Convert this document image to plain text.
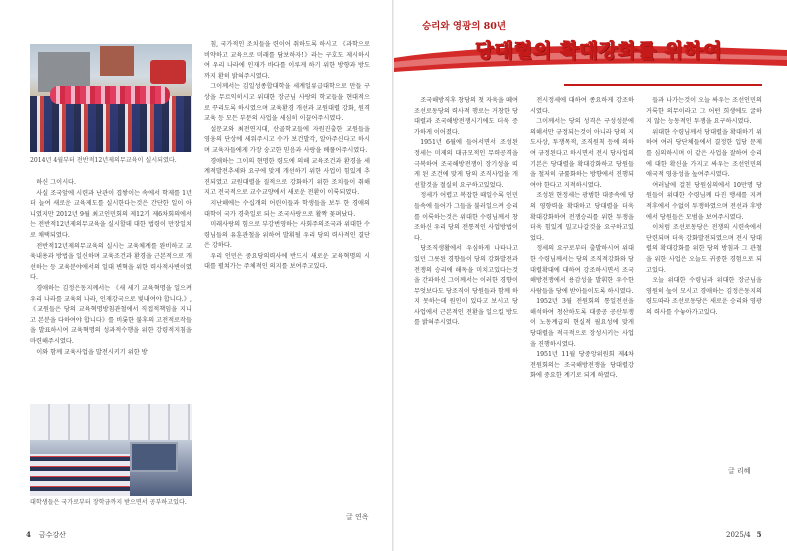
2014년 4월부터 전반적12년제의무교육이 실시되였다.

하신 그이시다.

사실 조국앞에 시련과 난관이 겹쌓이는 속에서 학제를 1년 더 늘여 새로운 교육제도를 실시한다는것은 간단한 일이 아니였지만 2012년 9월 최고인민회의 제12기 제6차회의에서는 전반적12년제의무교육을 실시할데 대한 법령이 만장일치로 채택되였다.

전반적12년제의무교육의 실시는 교육체계를 완비하고 교육내용과 방법을 일신하며 교육조건과 환경을 근본적으로 개선하는 등 교육분야에서의 일대 변혁을 위한 력사적사변이였다.

경애하는 김정은동지께서는 《새 세기 교육혁명을 일으켜 우리 나라를 교육의 나라, 인재강국으로 빛내여야 합니다.》, 《교원들은 당의 교육혁명방침관철에서 직접적책임을 지니고 본분을 다하여야 합니다》를 비롯한 불후의 고전적로작들을 발표하시여 교육혁명의 성과적수행을 위한 강령적지침을 마련해주시였다.

이와 함께 교육사업을 발전시키기 위한 방

대학생들은 국가로부터 장학금까지 받으면서 공부하고있다.

침, 국가적인 조치들을 련이어 취하도록 하시고 《과학으로 비약하고 교육으로 미래를 담보하자!》라는 구호도 제시하시여 우리 나라에 인재가 바다를 이루게 하기 위한 방향과 방도까지 환히 밝혀주시였다.

그이께서는 김일성종합대학을 세계일류급대학으로 만들 구상을 무르익히시고 위대한 장군님 사랑의 학교들을 현대적으로 꾸리도록 하시였으며 교육환경 개선과 교원대렬 강화, 원격교육 등 모든 부문의 사업을 세심히 이끌어주시였다.

설문교와 최전연지대, 산골학교들에 자원진출한 교원들을 영웅의 단상에 세워주시고 수가 보건발각, 알아주신다고 하시며 교육자들에게 가장 숭고한 믿음과 사랑을 베풀어주시였다.

경애하는 그이의 현명한 령도에 의해 교육조건과 환경을 세계적발전추세와 요구에 맞게 개선하기 위한 사업이 힘있게 추진되였고 교원대렬을 질적으로 강화하기 위한 조치들이 취해지고 전국적으로 교수교양에서 새로운 전환이 이룩되였다.

지난해에는 수십개의 어린이들과 학생들을 보두 한 경애의 대학이 국가 경축일로 되는 조국사랑으로 활짝 꽃펴났다.

미래사랑의 힘으로 부강번영하는 사회주의조국과 위대한 수령님들의 유훈관철을 위하여 발휘될 우리 당의 력사적인 결단은 강하다.

우리 인민은 중요당의력사에 반드시 새로운 교육혁명의 시대를 펼쳐가는 주체적인 의지를 보여주고있다.

글 연옥
4 금수강산
승리와 영광의 80년
당대렬의 확대강화를 위하여

조국해방직후 창당의 첫 자욱을 떼여 조선로동당의 력사적 행로는 거창한 당대렬과 조국해방전쟁시기에도 더욱 증가하게 이어졌다.

1951년 6월에 들어서면서 조성된 정세는 미제의 대규모적인 무력공격을 극복하여 조국해방전쟁이 장기성을 띠게 된 조건에 맞게 당의 조직사업을 개선할것을 절실히 요구하고있었다.

정세가 어렵고 복잡한 때일수록 인민들속에 들어가 그들을 불러일으켜 승리를 이룩하는것은 위대한 수령님께서 창조하신 우리 당의 전통적인 사업방법이다.

당조직생활에서 우심하게 나타나고있던 그릇된 경향들이 당의 강화발전과 전쟁의 승리에 해독을 미치고있다는것을 간파하신 그이께서는 이러한 경향이 무엇보다도 당조직이 당원들과 함께 하지 못하는데 원인이 있다고 보시고 당사업에서 근본적인 전환을 일으킬 방도를 밝혀주시였다.

전시정세에 대하여 종요하게 강조하시였다.

그이께서는 당의 성격은 구성성분에 의해서만 규정되는것이 아니라 당의 지도사상, 투쟁목적, 조직원칙 등에 의하여 규정된다고 하시면서 전시 당사업의 기본은 당대렬을 확대강화하고 당원들을 철저히 규률화하는 방향에서 진행되여야 한다고 지적하시였다.

조성된 현정세는 광범한 대중속에 당의 영향력을 확대하고 당대렬을 더욱 확대강화하여 전쟁승리를 위한 투쟁을 더욱 힘있게 밀고나갈것을 요구하고있었다.

정세의 요구로부터 출발하시여 위대한 수령님께서는 당의 조직적강화와 당대렬확대에 대하여 강조하시면서 조국해방전쟁에서 용감성을 발휘한 우수한 사람들을 당에 받아들이도록 하시였다.

1952년 3월 전원회의 통일전선을 해석하여 청산하도록 대중공 공산투쟁이 노동계급의 현실적 필요성에 맞게 당대렬을 적극적으로 장성시키는 사업을 진행하시였다.

1951년 11월 당중앙위원회 제4차전원회의는 조국해방전쟁을 당대렬강화에 중요한 계기로 되게 하였다.

들과 나가는것이 오늘 싸우는 조선인민의 거룩한 의무이라고 그 어떤 희생에도 굴하지 않는 능동적인 투쟁을 요구하시였다.

위대한 수령님께서 당대렬을 확대하기 위하여 여러 당단체들에서 결정한 입당 문제를 심의하시며 이 같은 사업을 잘하여 승리에 대한 확신을 가지고 싸우는 조선인민의 애국적 영웅성을 높여주시였다.

여러날에 걸친 당원심의에서 10만명 당원들이 위대한 수령님께 다진 맹세를 지켜 적후에서 수없이 투쟁하였으며 전선과 후방에서 당원들은 모범을 보여주시였다.

이처럼 조선로동당은 전쟁의 시련속에서 단련되며 더욱 강화발전되였으며 전시 당대렬의 확대강화를 위한 당의 방침과 그 관철을 위한 사업은 오늘도 귀중한 경험으로 되고있다.

오늘 위대한 수령님과 위대한 장군님을 영원히 높이 모시고 경애하는 김정은동지의 령도따라 조선로동당은 새로운 승리와 영광의 력사를 수놓아가고있다.

글 리혜
2025/4 5
